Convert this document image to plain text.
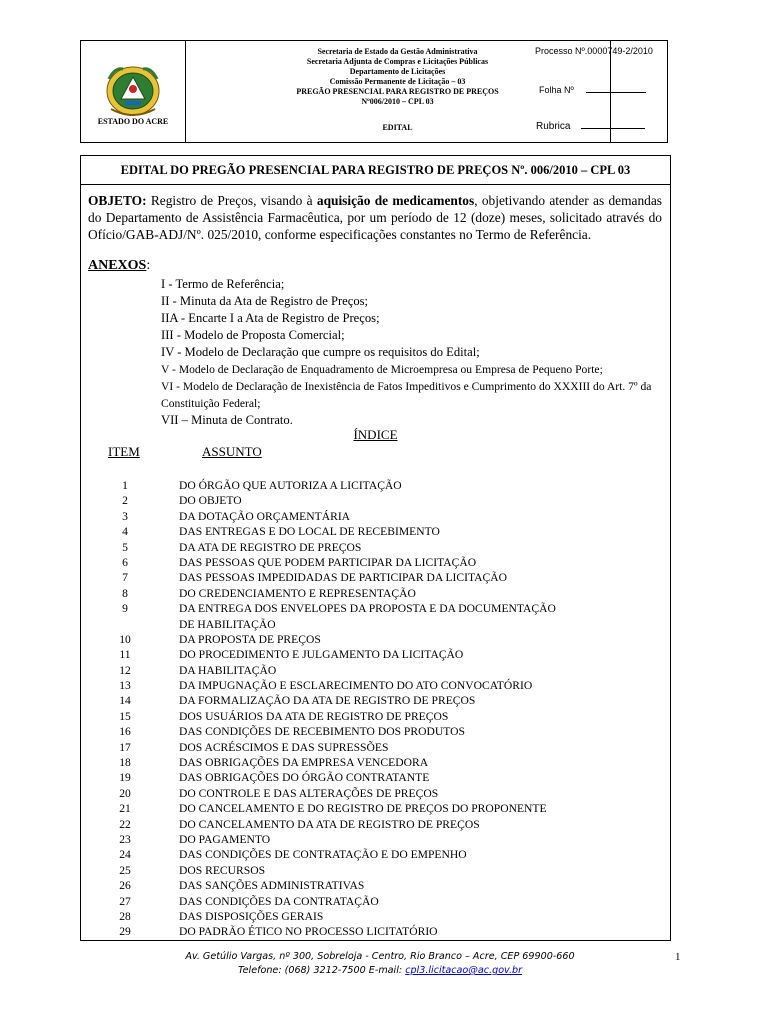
ESTADO DO ACRE
Secretaria de Estado da Gestão Administrativa
Secretaria Adjunta de Compras e Licitações Públicas
Departamento de Licitações
Comissão Permanente de Licitação – 03
PREGÃO PRESENCIAL PARA REGISTRO DE PREÇOS
Nº006/2010 – CPL 03
EDITAL
Processo Nº.0000749-2/2010
Folha Nº
Rubrica
EDITAL DO PREGÃO PRESENCIAL PARA REGISTRO DE PREÇOS Nº. 006/2010 – CPL 03
OBJETO: Registro de Preços, visando à aquisição de medicamentos, objetivando atender as demandas do Departamento de Assistência Farmacêutica, por um período de 12 (doze) meses, solicitado através do Ofício/GAB-ADJ/Nº. 025/2010, conforme especificações constantes no Termo de Referência.
ANEXOS:
I - Termo de Referência;
II - Minuta da Ata de Registro de Preços;
IIA - Encarte I a Ata de Registro de Preços;
III - Modelo de Proposta Comercial;
IV - Modelo de Declaração que cumpre os requisitos do Edital;
V - Modelo de Declaração de Enquadramento de Microempresa ou Empresa de Pequeno Porte;
VI - Modelo de Declaração de Inexistência de Fatos Impeditivos e Cumprimento do XXXIII do Art. 7º da Constituição Federal;
VII – Minuta de Contrato.
ÍNDICE
ITEM	ASSUNTO
1	DO ÓRGÃO QUE AUTORIZA A LICITAÇÃO
2	DO OBJETO
3	DA DOTAÇÃO ORÇAMENTÁRIA
4	DAS ENTREGAS E DO LOCAL DE RECEBIMENTO
5	DA ATA DE REGISTRO DE PREÇOS
6	DAS PESSOAS QUE PODEM PARTICIPAR DA LICITAÇÃO
7	DAS PESSOAS IMPEDIDADAS DE PARTICIPAR DA LICITAÇÃO
8	DO CREDENCIAMENTO E REPRESENTAÇÃO
9	DA ENTREGA DOS ENVELOPES DA PROPOSTA E DA DOCUMENTAÇÃO
DE HABILITAÇÃO
10	DA PROPOSTA DE PREÇOS
11	DO PROCEDIMENTO E JULGAMENTO DA LICITAÇÃO
12	DA HABILITAÇÃO
13	DA IMPUGNAÇÃO E ESCLARECIMENTO DO ATO CONVOCATÓRIO
14	DA FORMALIZAÇÃO DA ATA DE REGISTRO DE PREÇOS
15	DOS USUÁRIOS DA ATA DE REGISTRO DE PREÇOS
16	DAS CONDIÇÕES DE RECEBIMENTO DOS PRODUTOS
17	DOS ACRÉSCIMOS E DAS SUPRESSÕES
18	DAS OBRIGAÇÕES DA EMPRESA VENCEDORA
19	DAS OBRIGAÇÕES DO ÓRGÃO CONTRATANTE
20	DO CONTROLE E DAS ALTERAÇÕES DE PREÇOS
21	DO CANCELAMENTO E DO REGISTRO DE PREÇOS DO PROPONENTE
22	DO CANCELAMENTO DA ATA DE REGISTRO DE PREÇOS
23	DO PAGAMENTO
24	DAS CONDIÇÕES DE CONTRATAÇÃO E DO EMPENHO
25	DOS RECURSOS
26	DAS SANÇÕES ADMINISTRATIVAS
27	DAS CONDIÇÕES DA CONTRATAÇÃO
28	DAS DISPOSIÇÕES GERAIS
29	DO PADRÃO ÉTICO NO PROCESSO LICITATÓRIO
Av. Getúlio Vargas, nº 300, Sobreloja - Centro, Rio Branco – Acre, CEP 69900-660
Telefone: (068) 3212-7500 E-mail: cpl3.licitacao@ac.gov.br
1
